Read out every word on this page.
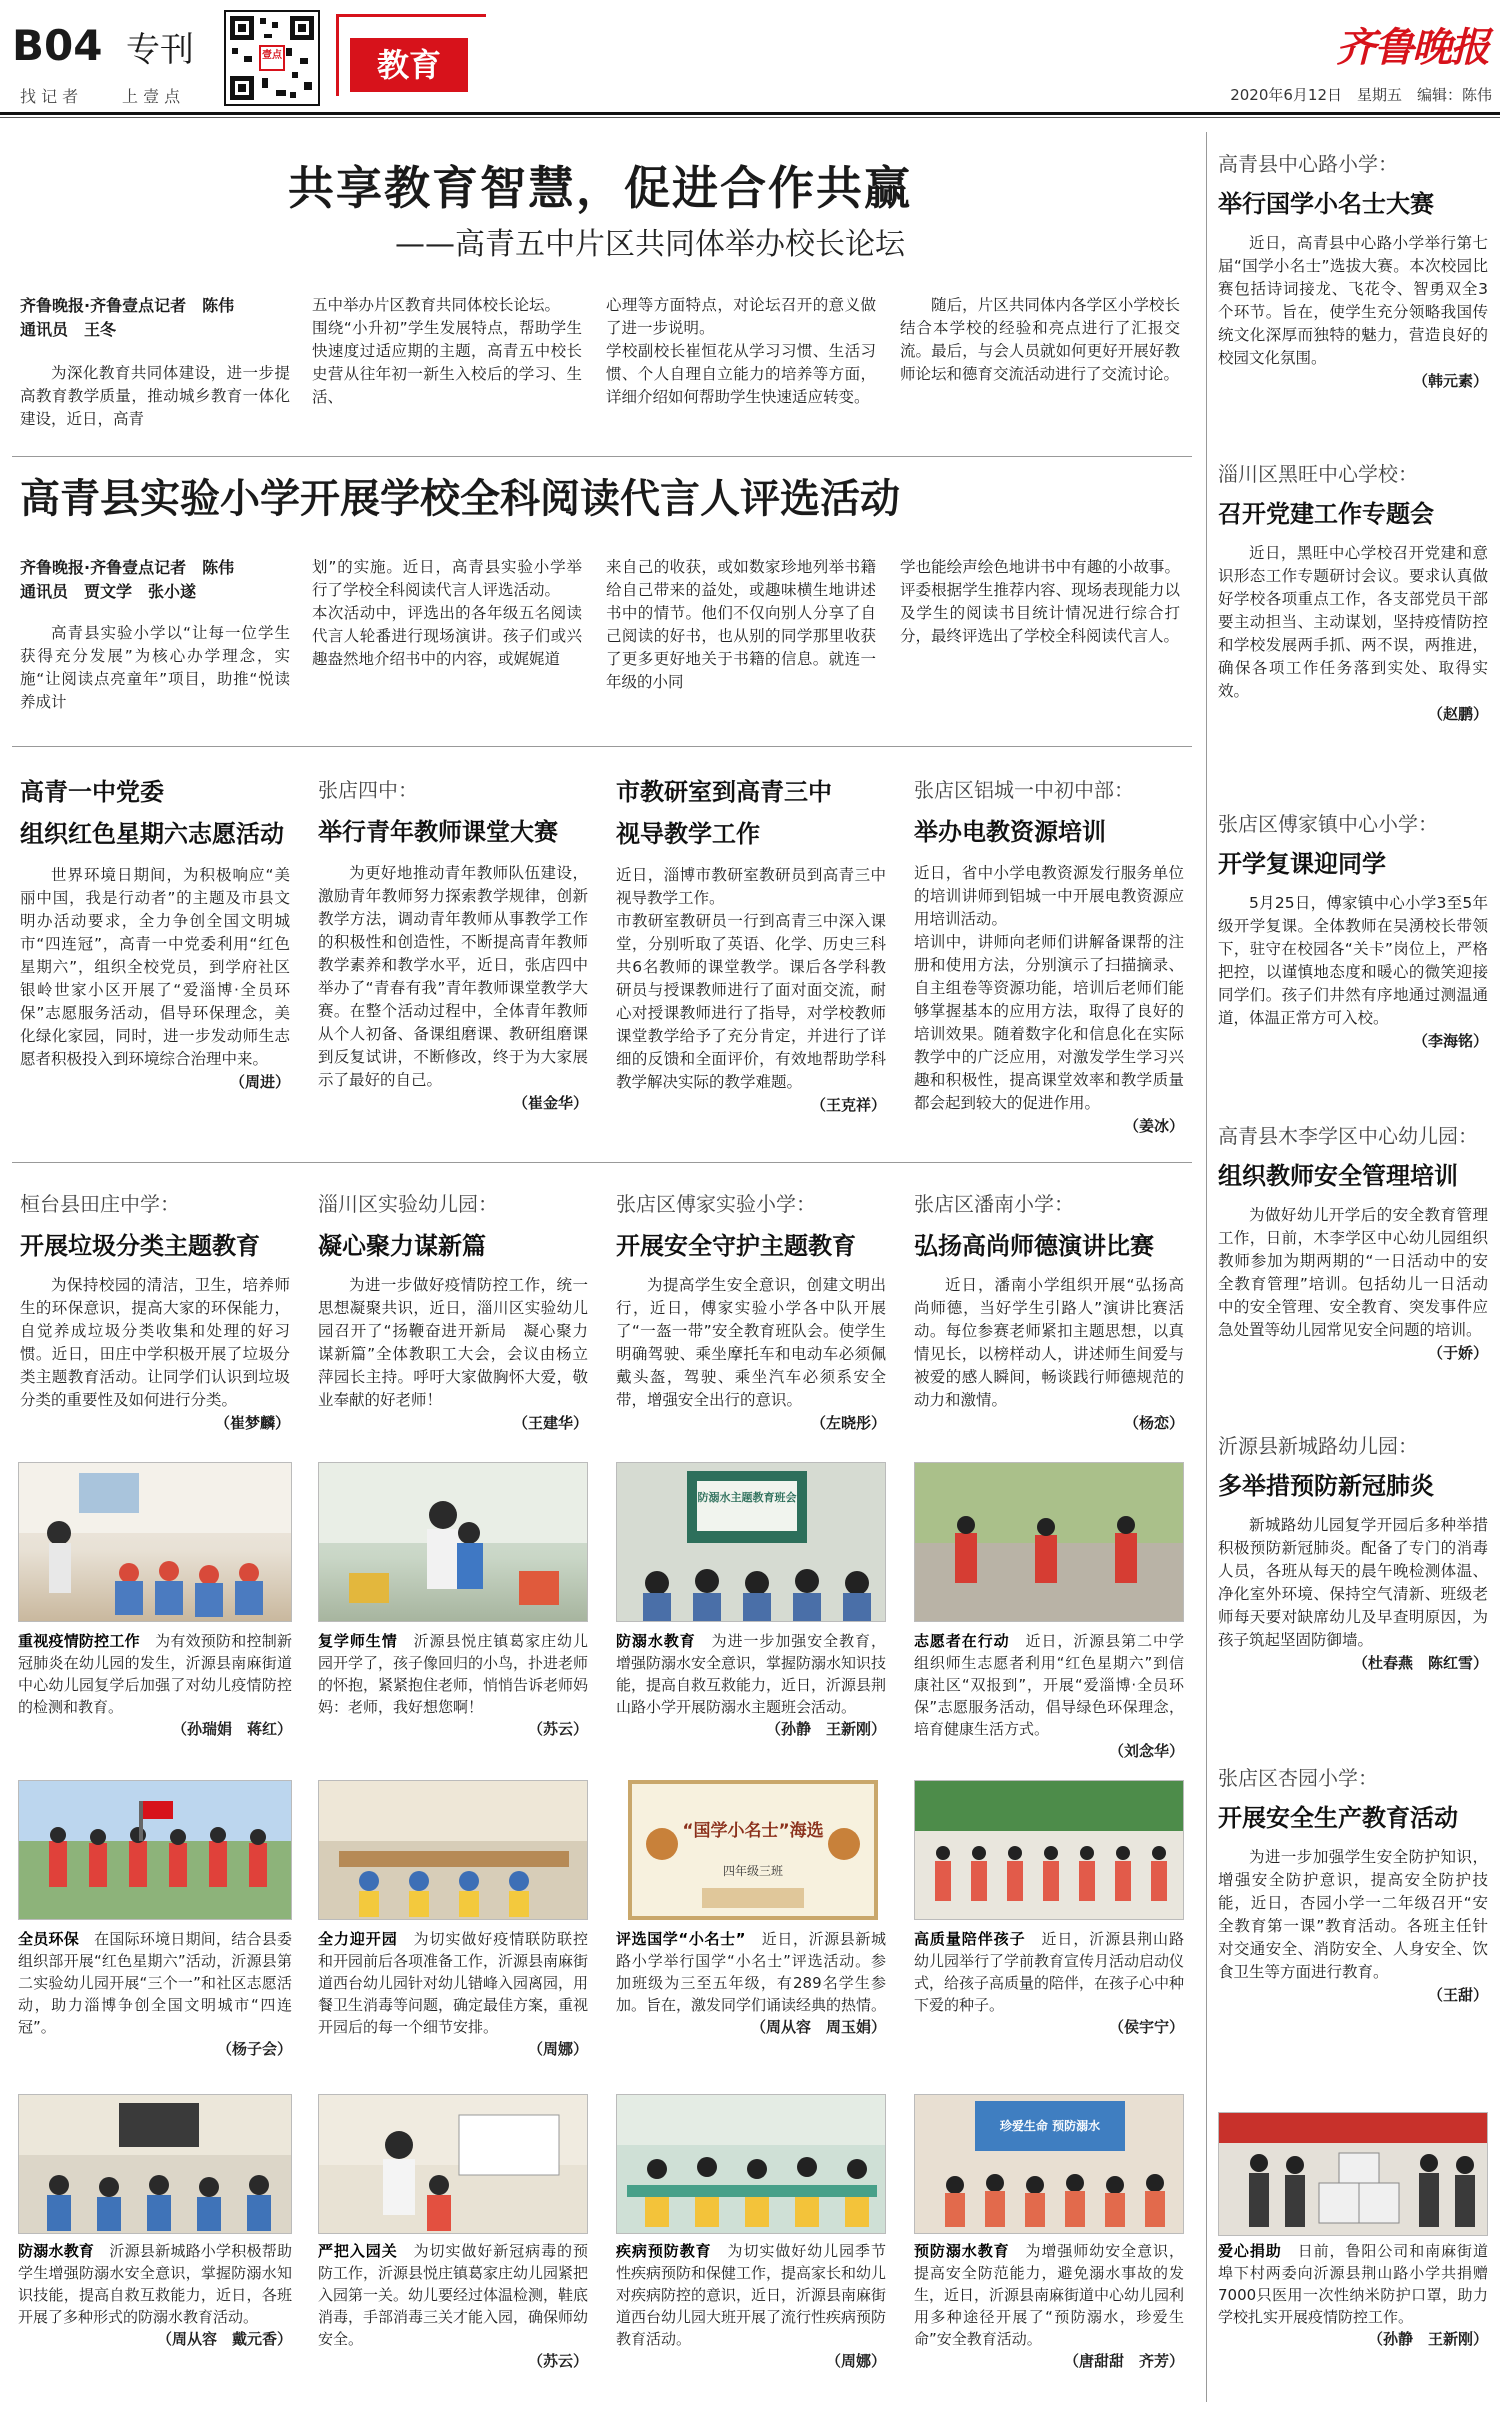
B04 专刊
找 记 者	上 壹 点
壹点	教育	齐鲁晚报
2020年6月12日　星期五　编辑：陈伟
共享教育智慧，促进合作共赢
——高青五中片区共同体举办校长论坛
齐鲁晚报·齐鲁壹点记者　陈伟
通讯员　王冬

为深化教育共同体建设，进一步提高教育教学质量，推动城乡教育一体化建设，近日，高青

五中举办片区教育共同体校长论坛。
围绕“小升初”学生发展特点，帮助学生快速度过适应期的主题，高青五中校长史营从往年初一新生入校后的学习、生活、
心理等方面特点，对论坛召开的意义做了进一步说明。
学校副校长崔恒花从学习习惯、生活习惯、个人自理自立能力的培养等方面，详细介绍如何帮助学生快速适应转变。
随后，片区共同体内各学区小学校长结合本学校的经验和亮点进行了汇报交流。最后，与会人员就如何更好开展好教师论坛和德育交流活动进行了交流讨论。
高青县实验小学开展学校全科阅读代言人评选活动
齐鲁晚报·齐鲁壹点记者　陈伟
通讯员　贾文学　张小遂

高青县实验小学以“让每一位学生获得充分发展”为核心办学理念，实施“让阅读点亮童年”项目，助推“悦读养成计

划”的实施。近日，高青县实验小学举行了学校全科阅读代言人评选活动。
本次活动中，评选出的各年级五名阅读代言人轮番进行现场演讲。孩子们或兴趣盎然地介绍书中的内容，或娓娓道
来自己的收获，或如数家珍地列举书籍给自己带来的益处，或趣味横生地讲述书中的情节。他们不仅向别人分享了自己阅读的好书，也从别的同学那里收获了更多更好地关于书籍的信息。就连一年级的小同
学也能绘声绘色地讲书中有趣的小故事。评委根据学生推荐内容、现场表现能力以及学生的阅读书目统计情况进行综合打分，最终评选出了学校全科阅读代言人。
高青一中党委
组织红色星期六志愿活动

世界环境日期间，为积极响应“美丽中国，我是行动者”的主题及市县文明办活动要求，全力争创全国文明城市“四连冠”，高青一中党委利用“红色星期六”，组织全校党员，到学府社区银岭世家小区开展了“爱淄博·全员环保”志愿服务活动，倡导环保理念，美化绿化家园，同时，进一步发动师生志愿者积极投入到环境综合治理中来。

（周进）
张店四中：
举行青年教师课堂大赛

为更好地推动青年教师队伍建设，激励青年教师努力探索教学规律，创新教学方法，调动青年教师从事教学工作的积极性和创造性，不断提高青年教师教学素养和教学水平，近日，张店四中举办了“青春有我”青年教师课堂教学大赛。在整个活动过程中，全体青年教师从个人初备、备课组磨课、教研组磨课到反复试讲，不断修改，终于为大家展示了最好的自己。

（崔金华）
市教研室到高青三中
视导教学工作
近日，淄博市教研室教研员到高青三中视导教学工作。
市教研室教研员一行到高青三中深入课堂，分别听取了英语、化学、历史三科共6名教师的课堂教学。课后各学科教研员与授课教师进行了面对面交流，耐心对授课教师进行了指导，对学校教师课堂教学给予了充分肯定，并进行了详细的反馈和全面评价，有效地帮助学科教学解决实际的教学难题。
（王克祥）
张店区铝城一中初中部：
举办电教资源培训
近日，省中小学电教资源发行服务单位的培训讲师到铝城一中开展电教资源应用培训活动。
培训中，讲师向老师们讲解备课帮的注册和使用方法，分别演示了扫描摘录、自主组卷等资源功能，培训后老师们能够掌握基本的应用方法，取得了良好的培训效果。随着数字化和信息化在实际教学中的广泛应用，对激发学生学习兴趣和积极性，提高课堂效率和教学质量都会起到较大的促进作用。
（姜冰）
桓台县田庄中学：
开展垃圾分类主题教育

为保持校园的清洁，卫生，培养师生的环保意识，提高大家的环保能力，自觉养成垃圾分类收集和处理的好习惯。近日，田庄中学积极开展了垃圾分类主题教育活动。让同学们认识到垃圾分类的重要性及如何进行分类。

（崔梦麟）
淄川区实验幼儿园：
凝心聚力谋新篇

为进一步做好疫情防控工作，统一思想凝聚共识，近日，淄川区实验幼儿园召开了“扬鞭奋进开新局　凝心聚力谋新篇”全体教职工大会，会议由杨立萍园长主持。呼吁大家做胸怀大爱，敬业奉献的好老师！

（王建华）
张店区傅家实验小学：
开展安全守护主题教育

为提高学生安全意识，创建文明出行，近日，傅家实验小学各中队开展了“一盔一带”安全教育班队会。使学生明确驾驶、乘坐摩托车和电动车必须佩戴头盔，驾驶、乘坐汽车必须系安全带，增强安全出行的意识。

（左晓彤）
张店区潘南小学：
弘扬高尚师德演讲比赛

近日，潘南小学组织开展“弘扬高尚师德，当好学生引路人”演讲比赛活动。每位参赛老师紧扣主题思想，以真情见长，以榜样动人，讲述师生间爱与被爱的感人瞬间，畅谈践行师德规范的动力和激情。

（杨恋）
防溺水主题教育班会
重视疫情防控工作　 为有效预防和控制新冠肺炎在幼儿园的发生，沂源县南麻街道中心幼儿园复学后加强了对幼儿疫情防控的检测和教育。

（孙瑞娟　蒋红）
复学师生情　 沂源县悦庄镇葛家庄幼儿园开学了，孩子像回归的小鸟，扑进老师的怀抱，紧紧抱住老师，悄悄告诉老师妈妈：老师，我好想您啊！

（苏云）
防溺水教育　 为进一步加强安全教育，增强防溺水安全意识，掌握防溺水知识技能，提高自救互救能力，近日，沂源县荆山路小学开展防溺水主题班会活动。

（孙静　王新刚）
志愿者在行动　 近日，沂源县第二中学组织师生志愿者利用“红色星期六”到信康社区“双报到”，开展“爱淄博·全员环保”志愿服务活动，倡导绿色环保理念，培育健康生活方式。

（刘念华）
“国学小名士”海选
四年级三班
全员环保　 在国际环境日期间，结合县委组织部开展“红色星期六”活动，沂源县第二实验幼儿园开展“三个一”和社区志愿活动，助力淄博争创全国文明城市“四连冠”。

（杨子会）
全力迎开园　 为切实做好疫情联防联控和开园前后各项准备工作，沂源县南麻街道西台幼儿园针对幼儿错峰入园离园，用餐卫生消毒等问题，确定最佳方案，重视开园后的每一个细节安排。

（周娜）
评选国学“小名士”　 近日，沂源县新城路小学举行国学“小名士”评选活动。参加班级为三至五年级，有289名学生参加。旨在，激发同学们诵读经典的热情。

（周从容　周玉娟）
高质量陪伴孩子　 近日，沂源县荆山路幼儿园举行了学前教育宣传月活动启动仪式，给孩子高质量的陪伴，在孩子心中种下爱的种子。

（侯宇宁）
珍爱生命 预防溺水
防溺水教育　 沂源县新城路小学积极帮助学生增强防溺水安全意识，掌握防溺水知识技能，提高自救互救能力，近日，各班开展了多种形式的防溺水教育活动。

（周从容　戴元香）
严把入园关　 为切实做好新冠病毒的预防工作，沂源县悦庄镇葛家庄幼儿园紧把入园第一关。幼儿要经过体温检测，鞋底消毒，手部消毒三关才能入园，确保师幼安全。

（苏云）
疾病预防教育　 为切实做好幼儿园季节性疾病预防和保健工作，提高家长和幼儿对疾病防控的意识，近日，沂源县南麻街道西台幼儿园大班开展了流行性疾病预防教育活动。

（周娜）
预防溺水教育　 为增强师幼安全意识，提高安全防范能力，避免溺水事故的发生，近日，沂源县南麻街道中心幼儿园利用多种途径开展了“预防溺水，珍爱生命”安全教育活动。

（唐甜甜　齐芳）
高青县中心路小学：
举行国学小名士大赛

近日，高青县中心路小学举行第七届“国学小名士”选拔大赛。本次校园比赛包括诗词接龙、飞花令、智勇双全3个环节。旨在，使学生充分领略我国传统文化深厚而独特的魅力，营造良好的校园文化氛围。

（韩元素）
淄川区黑旺中心学校：
召开党建工作专题会

近日，黑旺中心学校召开党建和意识形态工作专题研讨会议。要求认真做好学校各项重点工作，各支部党员干部要主动担当、主动谋划，坚持疫情防控和学校发展两手抓、两不误，两推进，确保各项工作任务落到实处、取得实效。

（赵鹏）
张店区傅家镇中心小学：
开学复课迎同学

5月25日，傅家镇中心小学3至5年级开学复课。全体教师在吴湧校长带领下，驻守在校园各“关卡”岗位上，严格把控，以谨慎地态度和暖心的微笑迎接同学们。孩子们井然有序地通过测温通道，体温正常方可入校。

（李海铭）
高青县木李学区中心幼儿园：
组织教师安全管理培训

为做好幼儿开学后的安全教育管理工作，日前，木李学区中心幼儿园组织教师参加为期两期的“一日活动中的安全教育管理”培训。包括幼儿一日活动中的安全管理、安全教育、突发事件应急处置等幼儿园常见安全问题的培训。

（于娇）
沂源县新城路幼儿园：
多举措预防新冠肺炎

新城路幼儿园复学开园后多种举措积极预防新冠肺炎。配备了专门的消毒人员，各班从每天的晨午晚检测体温、净化室外环境、保持空气清新、班级老师每天要对缺席幼儿及早查明原因，为孩子筑起坚固防御墙。

（杜春燕　陈红雪）
张店区杏园小学：
开展安全生产教育活动

为进一步加强学生安全防护知识，增强安全防护意识，提高安全防护技能，近日，杏园小学一二年级召开“安全教育第一课”教育活动。各班主任针对交通安全、消防安全、人身安全、饮食卫生等方面进行教育。

（王甜）
爱心捐助　 日前，鲁阳公司和南麻街道埠下村两委向沂源县荆山路小学共捐赠7000只医用一次性纳米防护口罩，助力学校扎实开展疫情防控工作。

（孙静　王新刚）
